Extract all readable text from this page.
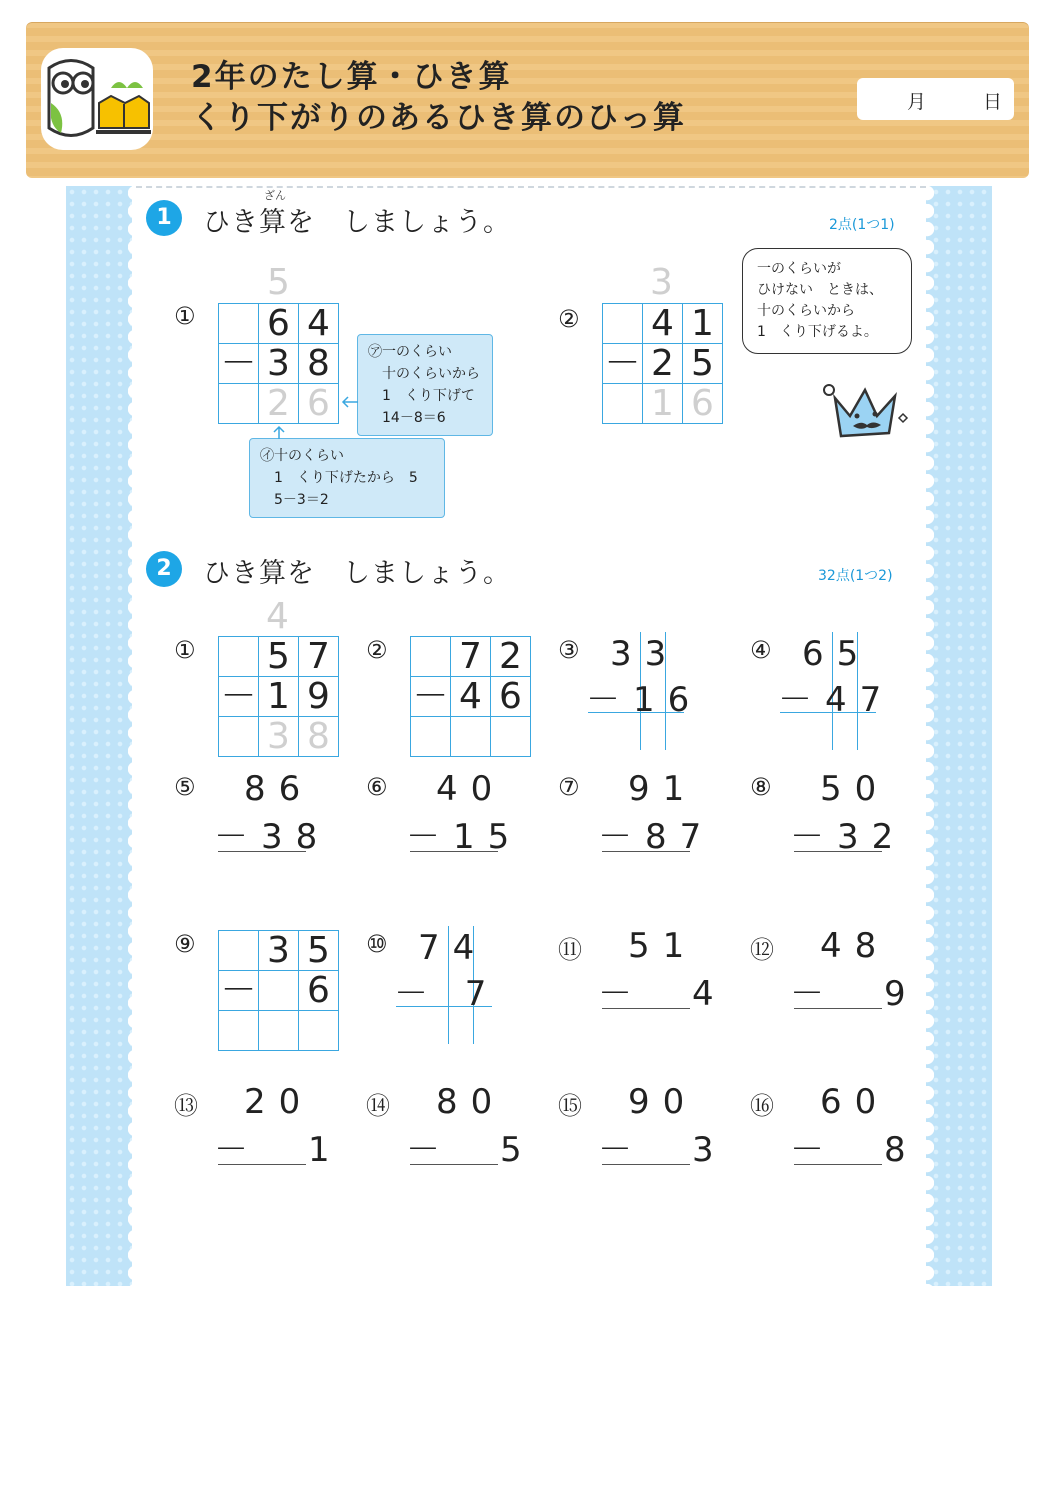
2年のたし算・ひき算
くり下がりのあるひき算のひっ算	月	日
1
ざん
ひき算を　しましょう。	2点(1つ1)
①
5
	6	4
－	3	8
	2	6
㋐一のくらい
　十のくらいから
　1　くり下げて
　14－8＝6
㋑十のくらい
　1　くり下げたから　5
　5－3＝2
②
3
	4	1
－	2	5
	1	6
一のくらいが
ひけない　ときは、
十のくらいから
1　くり下げるよ。
2	ひき算を　しましょう。	32点(1つ2)
①
	5	7
－	1	9
	3	8
4
②
	7	2
－	4	6

③ 33
－16
④ 65
－47
⑤ 86
－38
⑥ 40
－15
⑦ 91
－87
⑧ 50
－32
⑨
	3	5
－		6

⑩ 74
－ 7
⑪ 51
－　4
⑫ 48
－　9
⑬ 20
－　1
⑭ 80
－　5
⑮ 90
－　3
⑯ 60
－　8
